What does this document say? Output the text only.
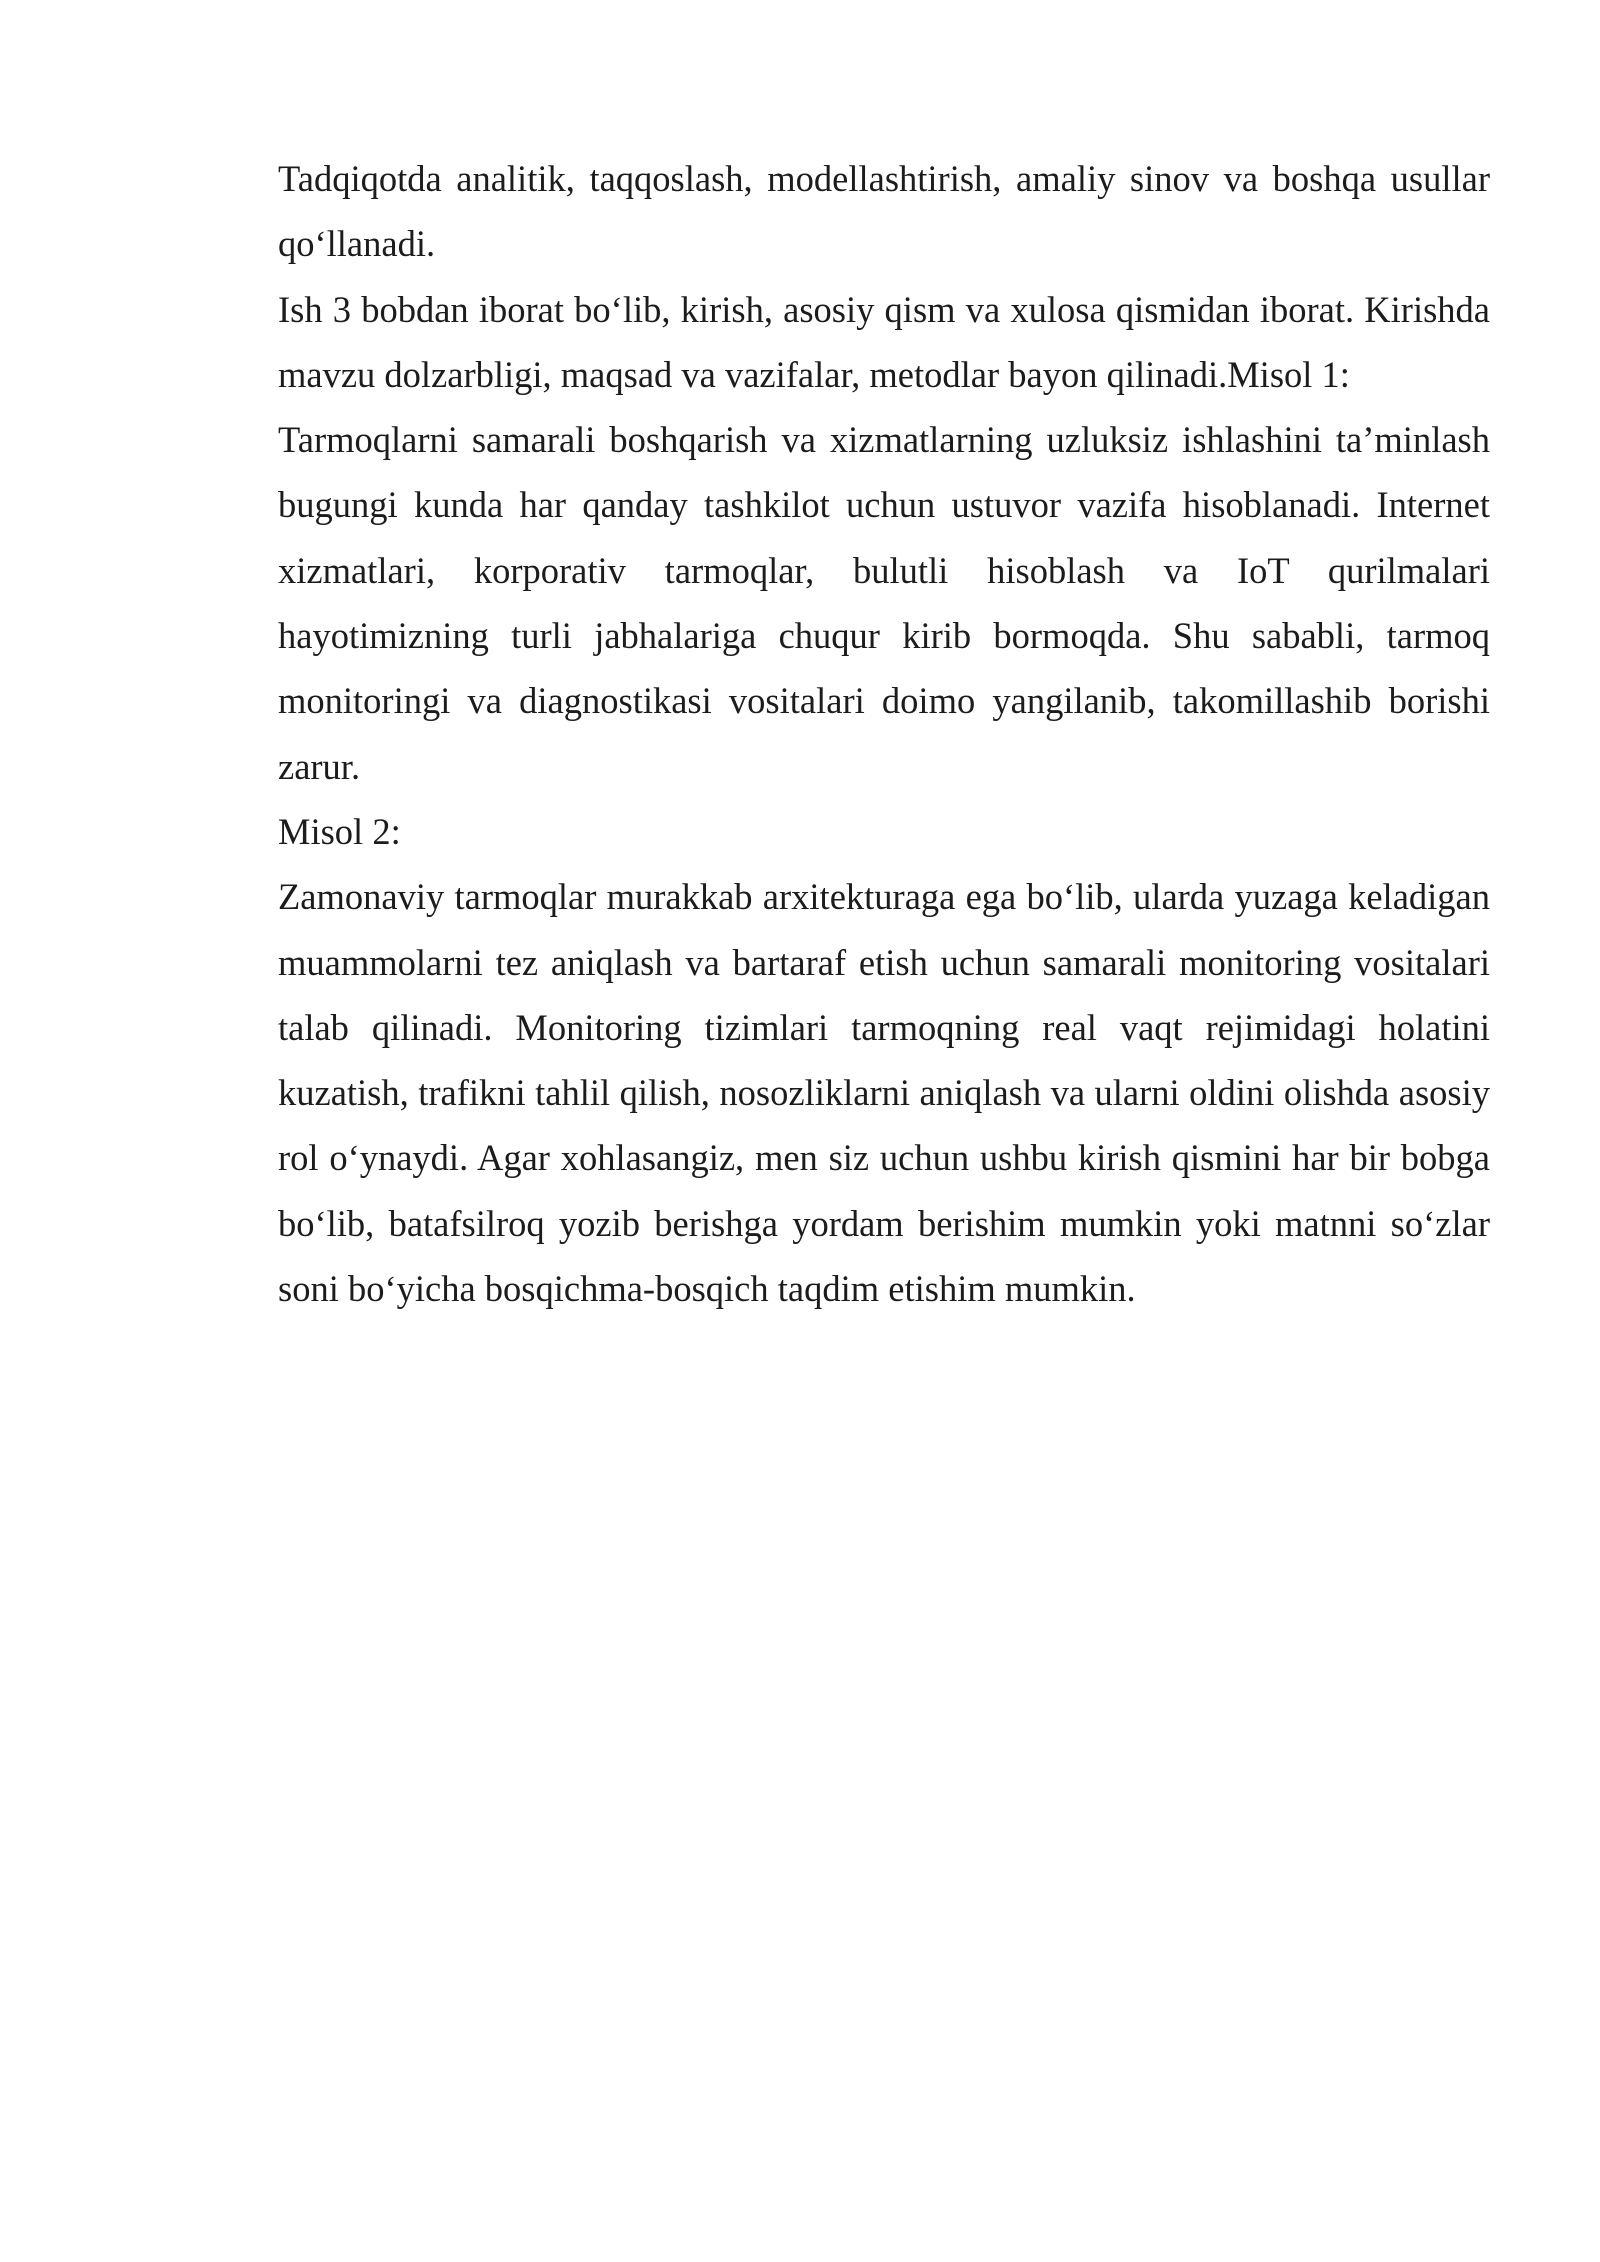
Tadqiqotda analitik, taqqoslash, modellashtirish, amaliy sinov va boshqa usullar qo‘llanadi.

Ish 3 bobdan iborat bo‘lib, kirish, asosiy qism va xulosa qismidan iborat. Kirishda mavzu dolzarbligi, maqsad va vazifalar, metodlar bayon qilinadi.Misol 1:

Tarmoqlarni samarali boshqarish va xizmatlarning uzluksiz ishlashini ta’minlash bugungi kunda har qanday tashkilot uchun ustuvor vazifa hisoblanadi. Internet xizmatlari, korporativ tarmoqlar, bulutli hisoblash va IoT qurilmalari hayotimizning turli jabhalariga chuqur kirib bormoqda. Shu sababli, tarmoq monitoringi va diagnostikasi vositalari doimo yangilanib, takomillashib borishi zarur.

Misol 2:

Zamonaviy tarmoqlar murakkab arxitekturaga ega bo‘lib, ularda yuzaga keladigan muammolarni tez aniqlash va bartaraf etish uchun samarali monitoring vositalari talab qilinadi. Monitoring tizimlari tarmoqning real vaqt rejimidagi holatini kuzatish, trafikni tahlil qilish, nosozliklarni aniqlash va ularni oldini olishda asosiy rol o‘ynaydi. Agar xohlasangiz, men siz uchun ushbu kirish qismini har bir bobga bo‘lib, batafsilroq yozib berishga yordam berishim mumkin yoki matnni so‘zlar soni bo‘yicha bosqichma-bosqich taqdim etishim mumkin.
